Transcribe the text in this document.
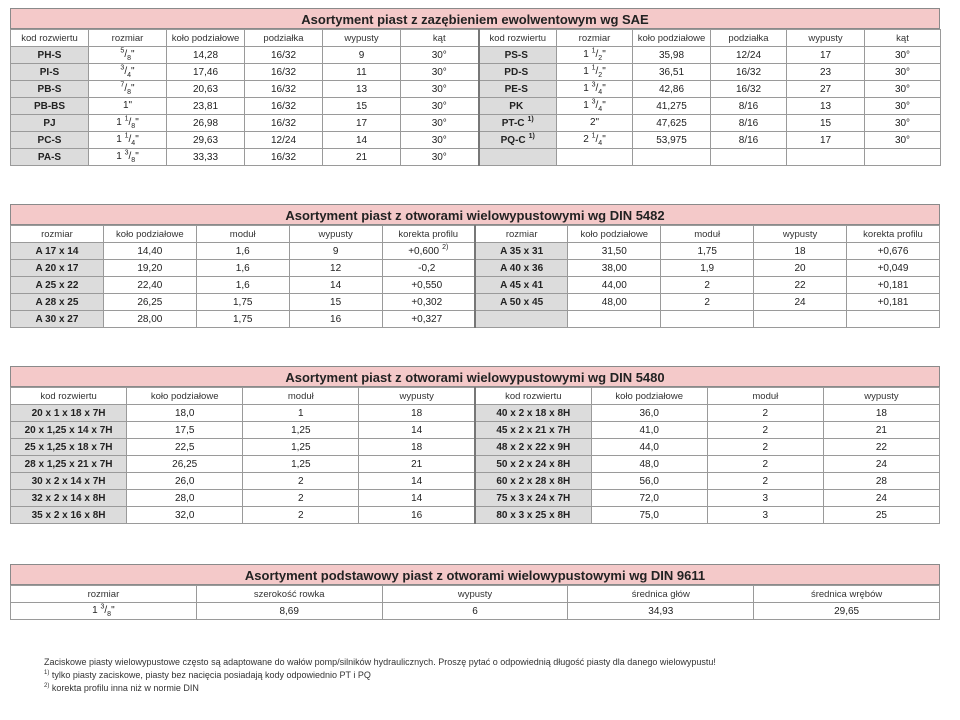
Asortyment piast z zazębieniem ewolwentowym wg SAE
kod rozwiertu	rozmiar	koło podziałowe	podziałka	wypusty	kąt	kod rozwiertu	rozmiar	koło podziałowe	podziałka	wypusty	kąt
PH-S	$^5/_8$"	14,28	16/32	9	30°	PS-S	1 $^1/_2$"	35,98	12/24	17	30°
PI-S	$^3/_4$"	17,46	16/32	11	30°	PD-S	1 $^1/_2$"	36,51	16/32	23	30°
PB-S	$^7/_8$"	20,63	16/32	13	30°	PE-S	1 $^3/_4$"	42,86	16/32	27	30°
PB-BS	1"	23,81	16/32	15	30°	PK	1 $^3/_4$"	41,275	8/16	13	30°
PJ	1 $^1/_8$"	26,98	16/32	17	30°	PT-C $^{1)}$	2"	47,625	8/16	15	30°
PC-S	1 $^1/_4$"	29,63	12/24	14	30°	PQ-C $^{1)}$	2 $^1/_4$"	53,975	8/16	17	30°
PA-S	1 $^3/_8$"	33,33	16/32	21	30°						
Asortyment piast z otworami wielowypustowymi wg DIN 5482
rozmiar	koło podziałowe	moduł	wypusty	korekta profilu	rozmiar	koło podziałowe	moduł	wypusty	korekta profilu
A 17 x 14	14,40	1,6	9	+0,600 $^{2)}$	A 35 x 31	31,50	1,75	18	+0,676
A 20 x 17	19,20	1,6	12	-0,2	A 40 x 36	38,00	1,9	20	+0,049
A 25 x 22	22,40	1,6	14	+0,550	A 45 x 41	44,00	2	22	+0,181
A 28 x 25	26,25	1,75	15	+0,302	A 50 x 45	48,00	2	24	+0,181
A 30 x 27	28,00	1,75	16	+0,327					
Asortyment piast z otworami wielowypustowymi wg DIN 5480
kod rozwiertu	koło podziałowe	moduł	wypusty	kod rozwiertu	koło podziałowe	moduł	wypusty
20 x 1 x 18 x 7H	18,0	1	18	40 x 2 x 18 x 8H	36,0	2	18
20 x 1,25 x 14 x 7H	17,5	1,25	14	45 x 2 x 21 x 7H	41,0	2	21
25 x 1,25 x 18 x 7H	22,5	1,25	18	48 x 2 x 22 x 9H	44,0	2	22
28 x 1,25 x 21 x 7H	26,25	1,25	21	50 x 2 x 24 x 8H	48,0	2	24
30 x 2 x 14 x 7H	26,0	2	14	60 x 2 x 28 x 8H	56,0	2	28
32 x 2 x 14 x 8H	28,0	2	14	75 x 3 x 24 x 7H	72,0	3	24
35 x 2 x 16 x 8H	32,0	2	16	80 x 3 x 25 x 8H	75,0	3	25
Asortyment podstawowy piast z otworami wielowypustowymi wg DIN 9611
rozmiar	szerokość rowka	wypusty	średnica głów	średnica wrębów
1 $^3/_8$"	8,69	6	34,93	29,65
Zaciskowe piasty wielowypustowe często są adaptowane do wałów pomp/silników hydraulicznych. Proszę pytać o odpowiednią długość piasty dla danego wielowypustu!
$^{1)}$ tylko piasty zaciskowe, piasty bez nacięcia posiadają kody odpowiednio PT i PQ
$^{2)}$ korekta profilu inna niż w normie DIN
